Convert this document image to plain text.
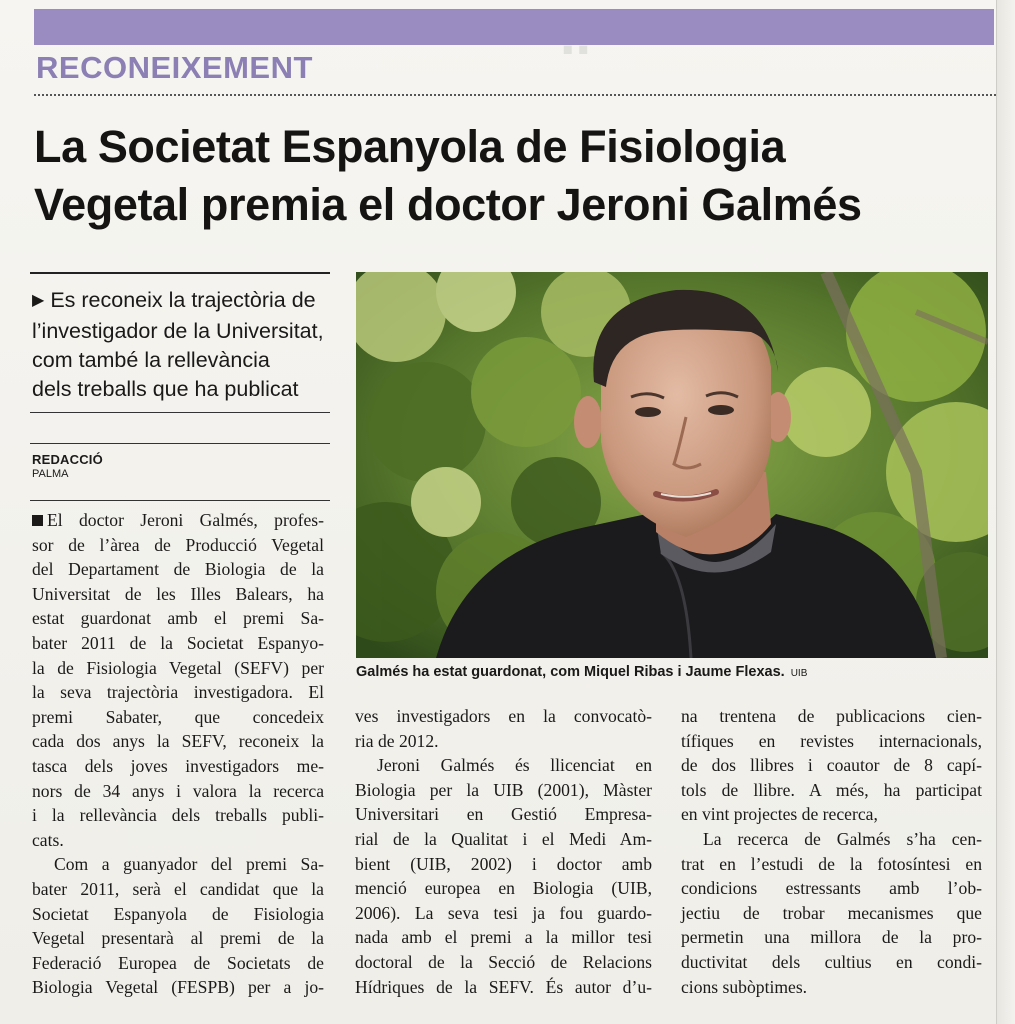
RECONEIXEMENT
La Societat Espanyola de Fisiologia
Vegetal premia el doctor Jeroni Galmés
▶ Es reconeix la trajectòria de
l’investigador de la Universitat,
com també la rellevància
dels treballs que ha publicat
REDACCIÓ
PALMA
Galmés ha estat guardonat, com Miquel Ribas i Jaume Flexas. UIB
El doctor Jeroni Galmés, profes-
sor de l’àrea de Producció Vegetal
del Departament de Biologia de la
Universitat de les Illes Balears, ha
estat guardonat amb el premi Sa-
bater 2011 de la Societat Espanyo-
la de Fisiologia Vegetal (SEFV) per
la seva trajectòria investigadora. El
premi Sabater, que concedeix
cada dos anys la SEFV, reconeix la
tasca dels joves investigadors me-
nors de 34 anys i valora la recerca
i la rellevància dels treballs publi-
cats.
Com a guanyador del premi Sa-
bater 2011, serà el candidat que la
Societat Espanyola de Fisiologia
Vegetal presentarà al premi de la
Federació Europea de Societats de
Biologia Vegetal (FESPB) per a jo-
ves investigadors en la convocatò-
ria de 2012.
Jeroni Galmés és llicenciat en
Biologia per la UIB (2001), Màster
Universitari en Gestió Empresa-
rial de la Qualitat i el Medi Am-
bient (UIB, 2002) i doctor amb
menció europea en Biologia (UIB,
2006). La seva tesi ja fou guardo-
nada amb el premi a la millor tesi
doctoral de la Secció de Relacions
Hídriques de la SEFV. És autor d’u-
na trentena de publicacions cien-
tífiques en revistes internacionals,
de dos llibres i coautor de 8 capí-
tols de llibre. A més, ha participat
en vint projectes de recerca,
La recerca de Galmés s’ha cen-
trat en l’estudi de la fotosíntesi en
condicions estressants amb l’ob-
jectiu de trobar mecanismes que
permetin una millora de la pro-
ductivitat dels cultius en condi-
cions subòptimes.
